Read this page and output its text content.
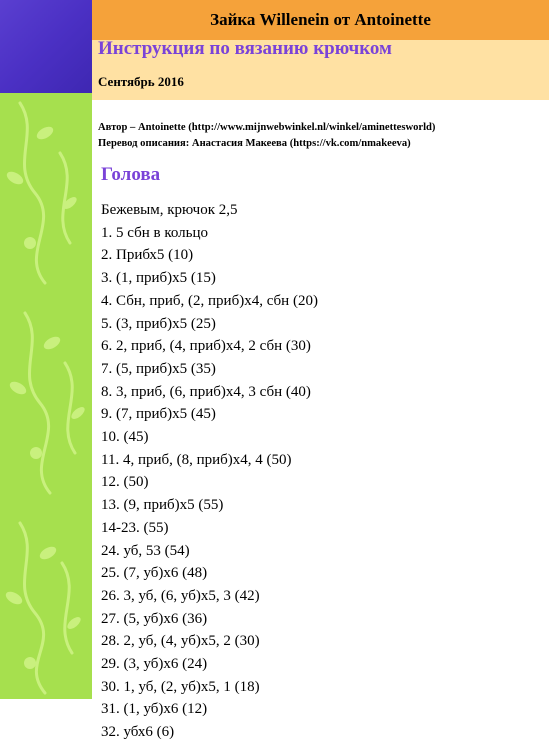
Зайка Willenein от Antoinette
Инструкция по вязанию крючком
Сентябрь 2016
Автор – Antoinette (http://www.mijnwebwinkel.nl/winkel/aminettesworld)
Перевод описания: Анастасия Макеева (https://vk.com/nmakeeva)
Голова
Бежевым, крючок 2,5
1. 5 сбн в кольцо
2. Прибх5 (10)
3. (1, приб)х5 (15)
4. Сбн, приб, (2, приб)х4, сбн (20)
5. (3, приб)х5 (25)
6. 2, приб, (4, приб)х4, 2 сбн (30)
7. (5, приб)х5 (35)
8. 3, приб, (6, приб)х4, 3 сбн (40)
9. (7, приб)х5 (45)
10. (45)
11. 4, приб, (8, приб)х4, 4 (50)
12. (50)
13. (9, приб)х5 (55)
14-23. (55)
24. уб, 53 (54)
25. (7, уб)х6 (48)
26. 3, уб, (6, уб)х5, 3 (42)
27. (5, уб)х6 (36)
28. 2, уб, (4, уб)х5, 2 (30)
29. (3, уб)х6 (24)
30. 1, уб, (2, уб)х5, 1 (18)
31. (1, уб)х6 (12)
32. убх6 (6)
